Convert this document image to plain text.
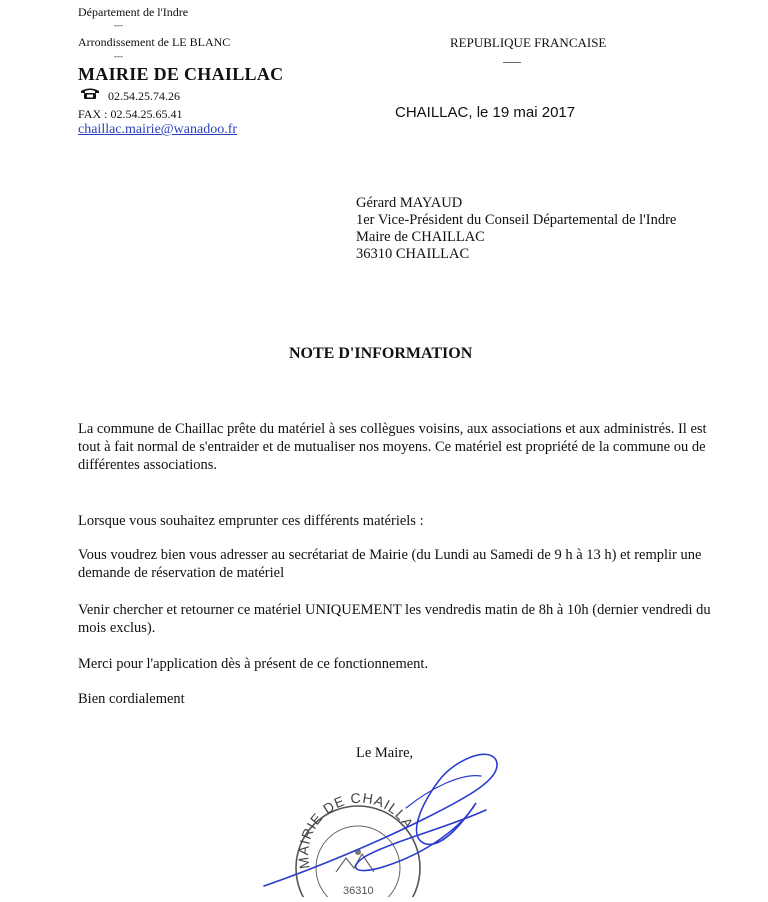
Département de l'Indre
---
Arrondissement de LE BLANC
---
MAIRIE DE CHAILLAC
02.54.25.74.26
FAX : 02.54.25.65.41
chaillac.mairie@wanadoo.fr
REPUBLIQUE FRANCAISE
CHAILLAC, le 19 mai 2017
Gérard MAYAUD
1er Vice-Président du Conseil Départemental de l'Indre
Maire de CHAILLAC
36310 CHAILLAC
NOTE D'INFORMATION
La commune de Chaillac prête du matériel à ses collègues voisins, aux associations et aux administrés. Il est tout à fait normal de s'entraider et de mutualiser nos moyens. Ce matériel est propriété de la commune ou de différentes associations.
Lorsque vous souhaitez emprunter ces différents matériels :
Vous voudrez bien vous adresser au secrétariat de Mairie (du Lundi au Samedi de 9 h à 13 h) et remplir une demande de réservation de matériel
Venir chercher et retourner ce matériel UNIQUEMENT les vendredis matin de 8h à 10h (dernier vendredi du mois exclus).
Merci pour l'application dès à présent de ce fonctionnement.
Bien cordialement
Le Maire,
MAIRIE DE CHAILLA
36310
